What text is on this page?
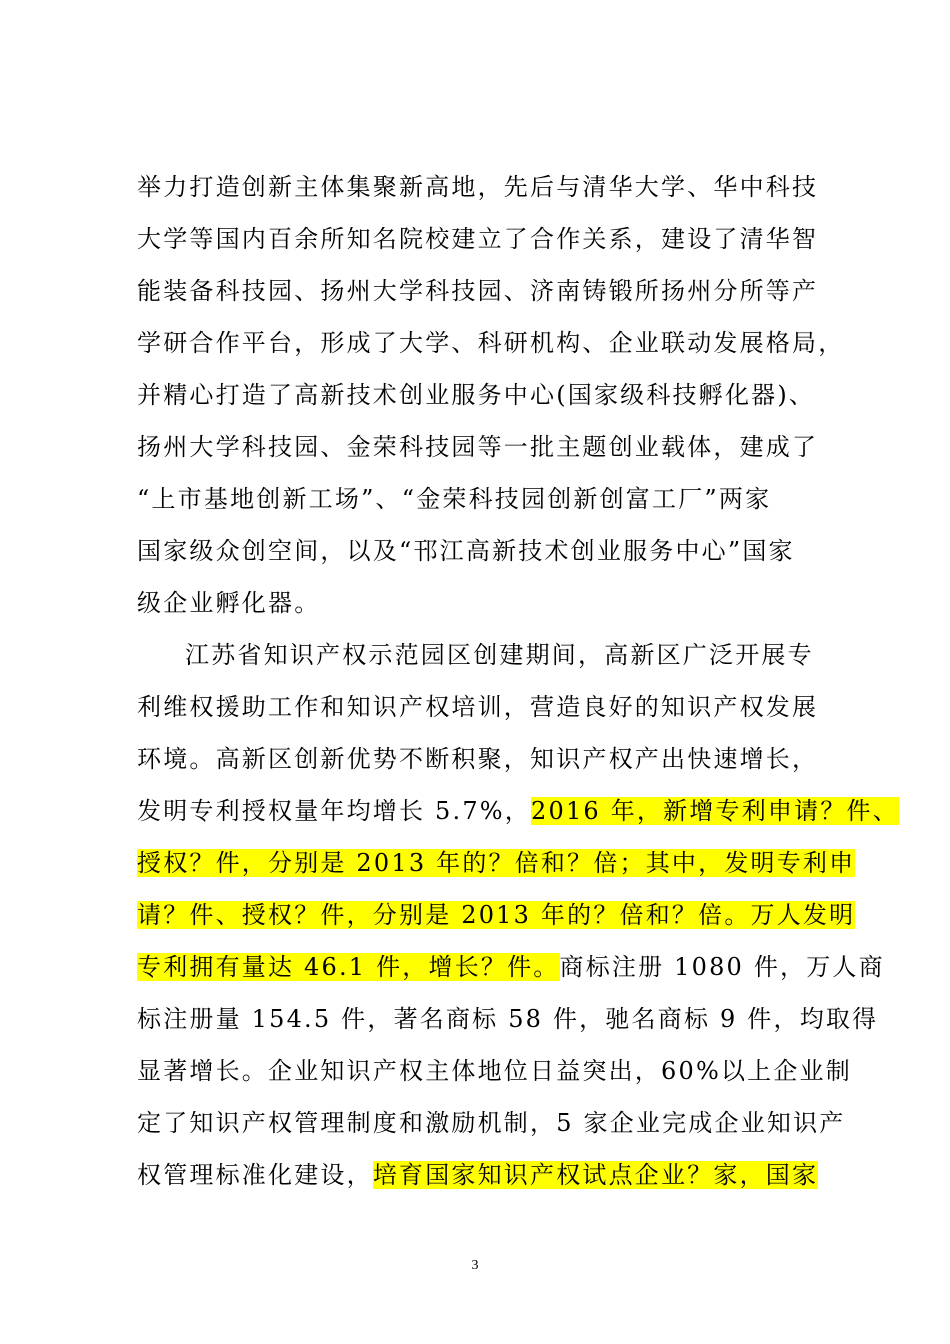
举力打造创新主体集聚新高地，先后与清华大学、华中科技
大学等国内百余所知名院校建立了合作关系，建设了清华智
能装备科技园、扬州大学科技园、济南铸锻所扬州分所等产
学研合作平台，形成了大学、科研机构、企业联动发展格局，
并精心打造了高新技术创业服务中心(国家级科技孵化器)、
扬州大学科技园、金荣科技园等一批主题创业载体，建成了
“上市基地创新工场”、“金荣科技园创新创富工厂”两家
国家级众创空间，以及“邗江高新技术创业服务中心”国家
级企业孵化器。
江苏省知识产权示范园区创建期间，高新区广泛开展专
利维权援助工作和知识产权培训，营造良好的知识产权发展
环境。高新区创新优势不断积聚，知识产权产出快速增长，
发明专利授权量年均增长 5.7%，2016 年，新增专利申请？件、
授权？件，分别是 2013 年的？倍和？倍；其中，发明专利申
请？件、授权？件，分别是 2013 年的？倍和？倍。万人发明
专利拥有量达 46.1 件，增长？件。商标注册 1080 件，万人商
标注册量 154.5 件，著名商标 58 件，驰名商标 9 件，均取得
显著增长。企业知识产权主体地位日益突出，60%以上企业制
定了知识产权管理制度和激励机制，5 家企业完成企业知识产
权管理标准化建设，培育国家知识产权试点企业？家，国家
3
